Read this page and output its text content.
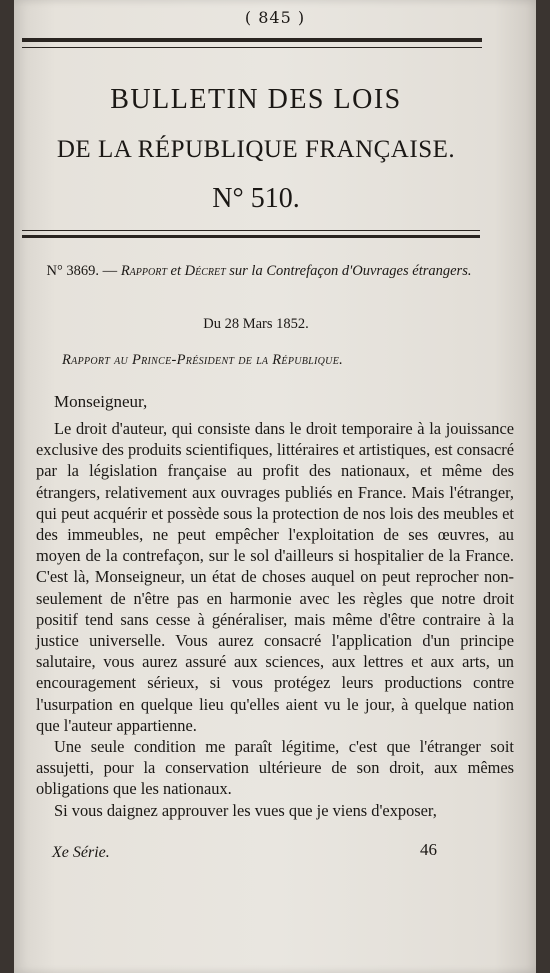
( 845 )
BULLETIN DES LOIS
DE LA RÉPUBLIQUE FRANÇAISE.
N° 510.
N° 3869. — Rapport et Décret sur la Contrefaçon d'Ouvrages étrangers.
Du 28 Mars 1852.
Rapport au Prince-Président de la République.
Monseigneur,

Le droit d'auteur, qui consiste dans le droit temporaire à la jouissance exclusive des produits scientifiques, littéraires et artistiques, est consacré par la législation française au profit des nationaux, et même des étrangers, relativement aux ouvrages publiés en France. Mais l'étranger, qui peut acquérir et possède sous la protection de nos lois des meubles et des immeubles, ne peut empêcher l'exploitation de ses œuvres, au moyen de la contrefaçon, sur le sol d'ailleurs si hospitalier de la France. C'est là, Monseigneur, un état de choses auquel on peut reprocher non-seulement de n'être pas en harmonie avec les règles que notre droit positif tend sans cesse à généraliser, mais même d'être contraire à la justice universelle. Vous aurez consacré l'application d'un principe salutaire, vous aurez assuré aux sciences, aux lettres et aux arts, un encouragement sérieux, si vous protégez leurs productions contre l'usurpation en quelque lieu qu'elles aient vu le jour, à quelque nation que l'auteur appartienne.

Une seule condition me paraît légitime, c'est que l'étranger soit assujetti, pour la conservation ultérieure de son droit, aux mêmes obligations que les nationaux.

Si vous daignez approuver les vues que je viens d'exposer,

Xe Série.	46
